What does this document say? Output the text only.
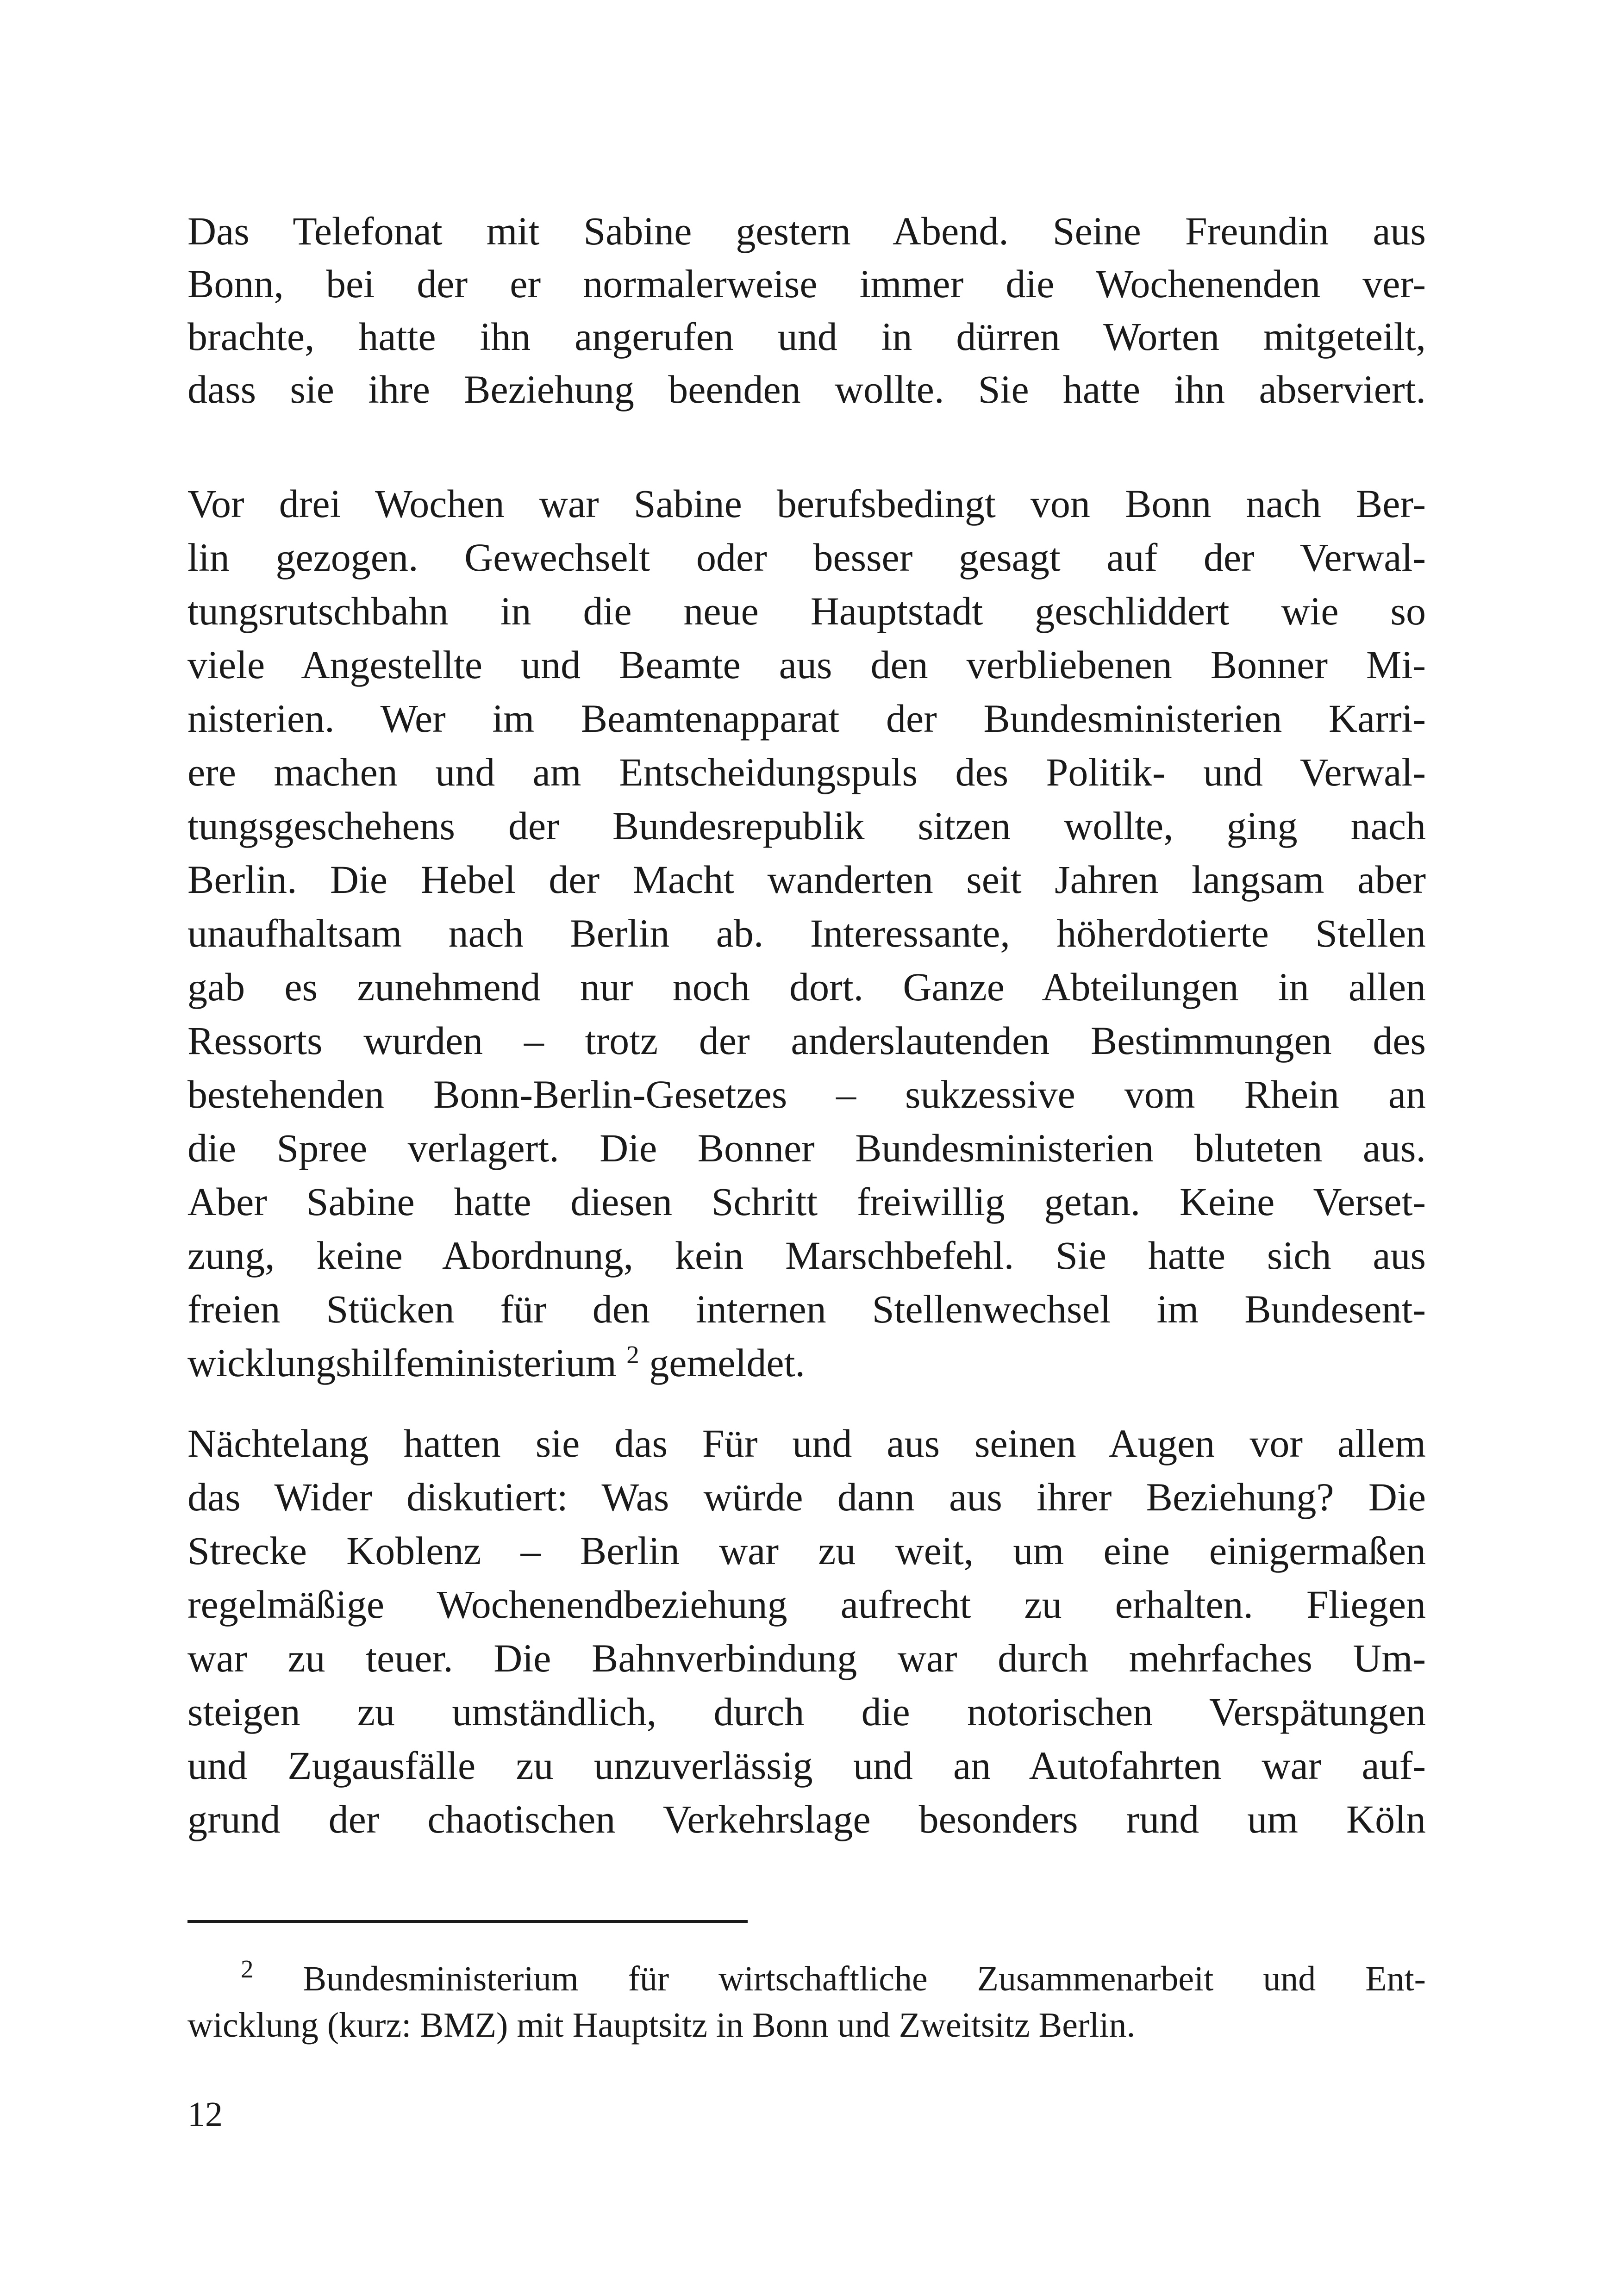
Das Telefonat mit Sabine gestern Abend. Seine Freundin aus
Bonn, bei der er normalerweise immer die Wochenenden ver-
brachte, hatte ihn angerufen und in dürren Worten mitgeteilt,
dass sie ihre Beziehung beenden wollte. Sie hatte ihn abserviert.
Vor drei Wochen war Sabine berufsbedingt von Bonn nach Ber-
lin gezogen. Gewechselt oder besser gesagt auf der Verwal-
tungsrutschbahn in die neue Hauptstadt geschliddert wie so
viele Angestellte und Beamte aus den verbliebenen Bonner Mi-
nisterien. Wer im Beamtenapparat der Bundesministerien Karri-
ere machen und am Entscheidungspuls des Politik- und Verwal-
tungsgeschehens der Bundesrepublik sitzen wollte, ging nach
Berlin. Die Hebel der Macht wanderten seit Jahren langsam aber
unaufhaltsam nach Berlin ab. Interessante, höherdotierte Stellen
gab es zunehmend nur noch dort. Ganze Abteilungen in allen
Ressorts wurden – trotz der anderslautenden Bestimmungen des
bestehenden Bonn-Berlin-Gesetzes – sukzessive vom Rhein an
die Spree verlagert. Die Bonner Bundesministerien bluteten aus.
Aber Sabine hatte diesen Schritt freiwillig getan. Keine Verset-
zung, keine Abordnung, kein Marschbefehl. Sie hatte sich aus
freien Stücken für den internen Stellenwechsel im Bundesent-
wicklungshilfeministerium $^2$ gemeldet.
Nächtelang hatten sie das Für und aus seinen Augen vor allem
das Wider diskutiert: Was würde dann aus ihrer Beziehung? Die
Strecke Koblenz – Berlin war zu weit, um eine einigermaßen
regelmäßige Wochenendbeziehung aufrecht zu erhalten. Fliegen
war zu teuer. Die Bahnverbindung war durch mehrfaches Um-
steigen zu umständlich, durch die notorischen Verspätungen
und Zugausfälle zu unzuverlässig und an Autofahrten war auf-
grund der chaotischen Verkehrslage besonders rund um Köln
$^2$ Bundesministerium für wirtschaftliche Zusammenarbeit und Ent-
wicklung (kurz: BMZ) mit Hauptsitz in Bonn und Zweitsitz Berlin.
12
